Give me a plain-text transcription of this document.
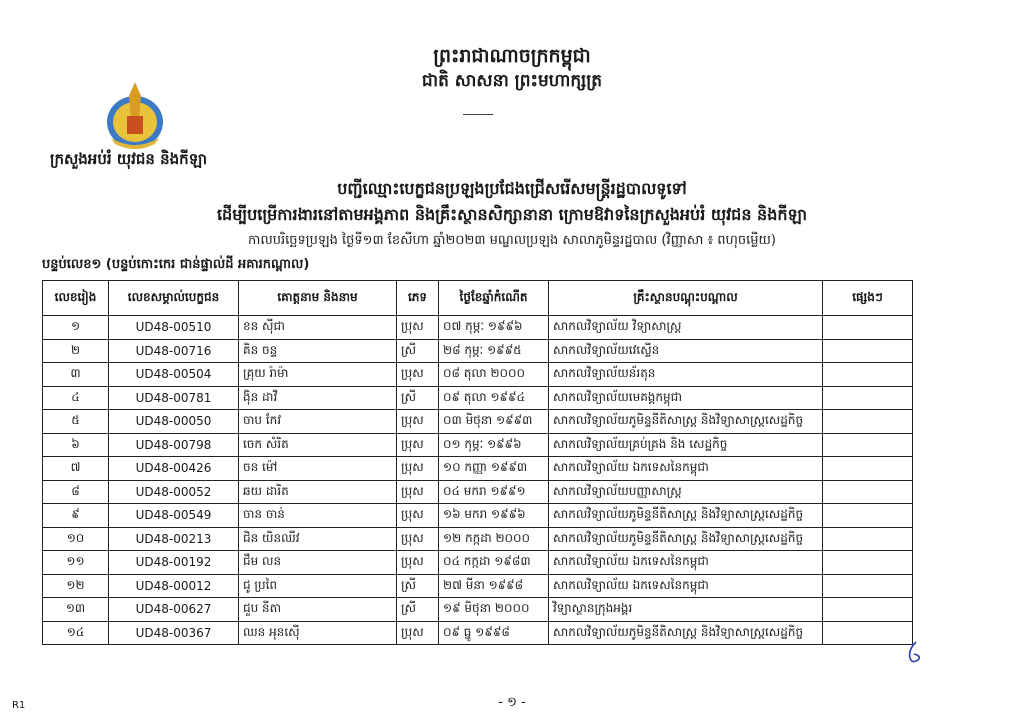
ព្រះរាជាណាចក្រកម្ពុជា
ជាតិ សាសនា ព្រះមហាក្សត្រ
ក្រសួងអប់រំ យុវជន និងកីឡា
បញ្ជីឈ្មោះបេក្ខជនប្រឡងប្រជែងជ្រើសរើសមន្ត្រីរដ្ឋបាលទូទៅ
ដើម្បីបម្រើការងារនៅតាមអង្គភាព និងគ្រឹះស្ថានសិក្សានានា ក្រោមឱវាទនៃក្រសួងអប់រំ យុវជន និងកីឡា
កាលបរិច្ឆេទប្រឡង ថ្ងៃទី១៣ ខែសីហា ឆ្នាំ២០២៣ មណ្ឌលប្រឡង សាលាភូមិន្ទរដ្ឋបាល (វិញ្ញាសា ៖ ពហុចម្លើយ)
បន្ទប់លេខ១ (បន្ទប់កោះកេរ ជាន់ផ្ទាល់ដី អគារកណ្តាល)
លេខរៀង	លេខសម្គាល់បេក្ខជន	គោត្តនាម និងនាម	ភេទ	ថ្ងៃខែឆ្នាំកំណើត	គ្រឹះស្ថានបណ្តុះបណ្តាល	ផ្សេងៗ
១	UD48-00510	ខន ស៊ីជា	ប្រុស	០៧ កុម្ភៈ ១៩៩៦	សាកលវិទ្យាល័យ វិទ្យាសាស្ត្រ	
២	UD48-00716	គិន ចន្ទ	ស្រី	២៨ កុម្ភៈ ១៩៩៥	សាកលវិទ្យាល័យវេស្ទើន	
៣	UD48-00504	គ្រុយ រ៉ាម៉ា	ប្រុស	០៨ តុលា ២០០០	សាកលវិទ្យាល័យន័រតុន	
៤	UD48-00781	ង៉ិន ដាវី	ស្រី	០៩ តុលា ១៩៩៤	សាកលវិទ្យាល័យមេគង្គកម្ពុជា	
៥	UD48-00050	ចាប កែវ	ប្រុស	០៣ មិថុនា ១៩៩៣	សាកលវិទ្យាល័យភូមិន្ទនីតិសាស្ត្រ និងវិទ្យាសាស្ត្រសេដ្ឋកិច្ច	
៦	UD48-00798	ចេក សំរិត	ប្រុស	០១ កុម្ភៈ ១៩៩៦	សាកលវិទ្យាល័យគ្រប់គ្រង និង សេដ្ឋកិច្ច	
៧	UD48-00426	ចន ម៉ៅ	ប្រុស	១០ កញ្ញា ១៩៩៣	សាកលវិទ្យាល័យ ឯកទេសនៃកម្ពុជា	
៨	UD48-00052	ឆយ ដារិត	ប្រុស	០៤ មករា ១៩៩១	សាកលវិទ្យាល័យបញ្ញាសាស្ត្រ	
៩	UD48-00549	ចាន ចាន់	ប្រុស	១៦ មករា ១៩៩៦	សាកលវិទ្យាល័យភូមិន្ទនីតិសាស្ត្រ និងវិទ្យាសាស្ត្រសេដ្ឋកិច្ច	
១០	UD48-00213	ជិន យិនឈីវ	ប្រុស	១២ កក្កដា ២០០០	សាកលវិទ្យាល័យភូមិន្ទនីតិសាស្ត្រ និងវិទ្យាសាស្ត្រសេដ្ឋកិច្ច	
១១	UD48-00192	ជឹម លន	ប្រុស	០៤ កក្កដា ១៩៨៣	សាកលវិទ្យាល័យ ឯកទេសនៃកម្ពុជា	
១២	UD48-00012	ជូ ប្រពៃ	ស្រី	២៧ មីនា ១៩៩៨	សាកលវិទ្យាល័យ ឯកទេសនៃកម្ពុជា	
១៣	UD48-00627	ជួប នីតា	ស្រី	១៩ មិថុនា ២០០០	វិទ្យាស្ថានក្រុងអង្គរ	
១៤	UD48-00367	ឈន អុនស៊ើ	ប្រុស	០៩ ធ្នូ ១៩៩៨	សាកលវិទ្យាល័យភូមិន្ទនីតិសាស្ត្រ និងវិទ្យាសាស្ត្រសេដ្ឋកិច្ច	
R1	- ១ -
